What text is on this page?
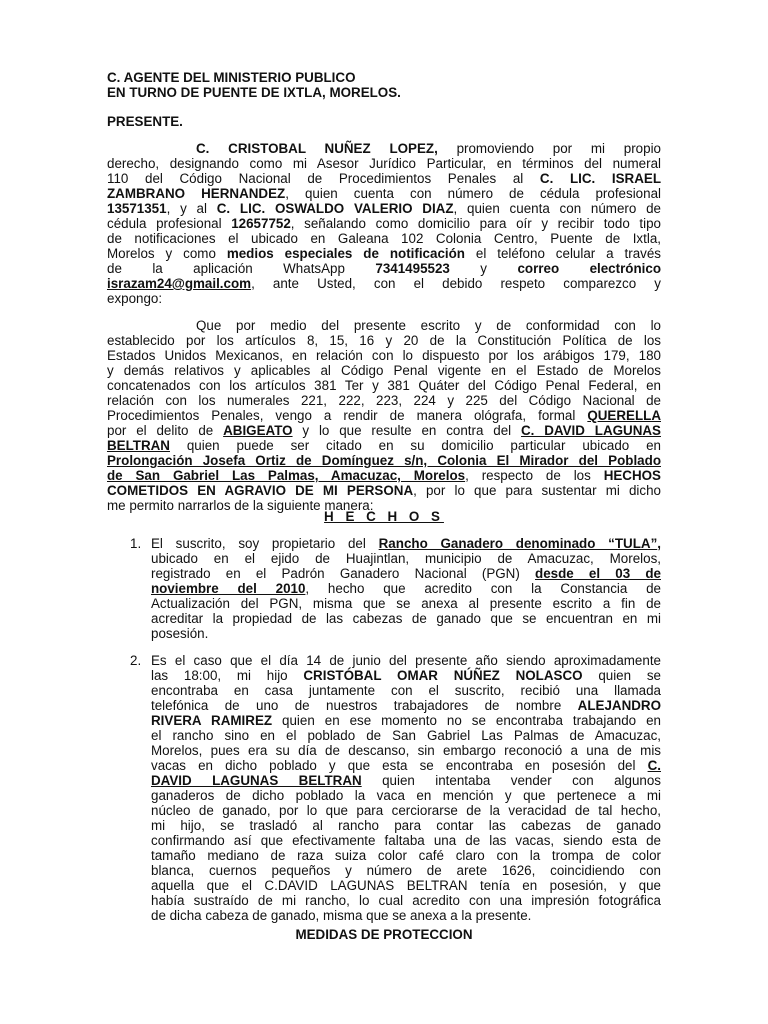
C. AGENTE DEL MINISTERIO PUBLICO
EN TURNO DE PUENTE DE IXTLA, MORELOS.
PRESENTE.
C. CRISTOBAL NUÑEZ LOPEZ, promoviendo por mi propio
derecho, designando como mi Asesor Jurídico Particular, en términos del numeral
110 del Código Nacional de Procedimientos Penales al C. LIC. ISRAEL
ZAMBRANO HERNANDEZ, quien cuenta con número de cédula profesional
13571351, y al C. LIC. OSWALDO VALERIO DIAZ, quien cuenta con número de
cédula profesional 12657752, señalando como domicilio para oír y recibir todo tipo
de notificaciones el ubicado en Galeana 102 Colonia Centro, Puente de Ixtla,
Morelos y como medios especiales de notificación el teléfono celular a través
de la aplicación WhatsApp 7341495523 y correo electrónico
israzam24@gmail.com, ante Usted, con el debido respeto comparezco y
expongo:
Que por medio del presente escrito y de conformidad con lo
establecido por los artículos 8, 15, 16 y 20 de la Constitución Política de los
Estados Unidos Mexicanos, en relación con lo dispuesto por los arábigos 179, 180
y demás relativos y aplicables al Código Penal vigente en el Estado de Morelos
concatenados con los artículos 381 Ter y 381 Quáter del Código Penal Federal, en
relación con los numerales 221, 222, 223, 224 y 225 del Código Nacional de
Procedimientos Penales, vengo a rendir de manera ológrafa, formal QUERELLA
por el delito de ABIGEATO y lo que resulte en contra del C. DAVID LAGUNAS
BELTRAN quien puede ser citado en su domicilio particular ubicado en
Prolongación Josefa Ortiz de Domínguez s/n, Colonia El Mirador del Poblado
de San Gabriel Las Palmas, Amacuzac, Morelos, respecto de los HECHOS
COMETIDOS EN AGRAVIO DE MI PERSONA, por lo que para sustentar mi dicho
me permito narrarlos de la siguiente manera:
H E C H O S
1. El suscrito, soy propietario del Rancho Ganadero denominado “TULA”,
ubicado en el ejido de Huajintlan, municipio de Amacuzac, Morelos,
registrado en el Padrón Ganadero Nacional (PGN) desde el 03 de
noviembre del 2010, hecho que acredito con la Constancia de
Actualización del PGN, misma que se anexa al presente escrito a fin de
acreditar la propiedad de las cabezas de ganado que se encuentran en mi
posesión.
2. Es el caso que el día 14 de junio del presente año siendo aproximadamente
las 18:00, mi hijo CRISTÓBAL OMAR NÚÑEZ NOLASCO quien se
encontraba en casa juntamente con el suscrito, recibió una llamada
telefónica de uno de nuestros trabajadores de nombre ALEJANDRO
RIVERA RAMIREZ quien en ese momento no se encontraba trabajando en
el rancho sino en el poblado de San Gabriel Las Palmas de Amacuzac,
Morelos, pues era su día de descanso, sin embargo reconoció a una de mis
vacas en dicho poblado y que esta se encontraba en posesión del C.
DAVID LAGUNAS BELTRAN quien intentaba vender con algunos
ganaderos de dicho poblado la vaca en mención y que pertenece a mi
núcleo de ganado, por lo que para cerciorarse de la veracidad de tal hecho,
mi hijo, se trasladó al rancho para contar las cabezas de ganado
confirmando así que efectivamente faltaba una de las vacas, siendo esta de
tamaño mediano de raza suiza color café claro con la trompa de color
blanca, cuernos pequeños y número de arete 1626, coincidiendo con
aquella que el C.DAVID LAGUNAS BELTRAN tenía en posesión, y que
había sustraído de mi rancho, lo cual acredito con una impresión fotográfica
de dicha cabeza de ganado, misma que se anexa a la presente.
MEDIDAS DE PROTECCION
